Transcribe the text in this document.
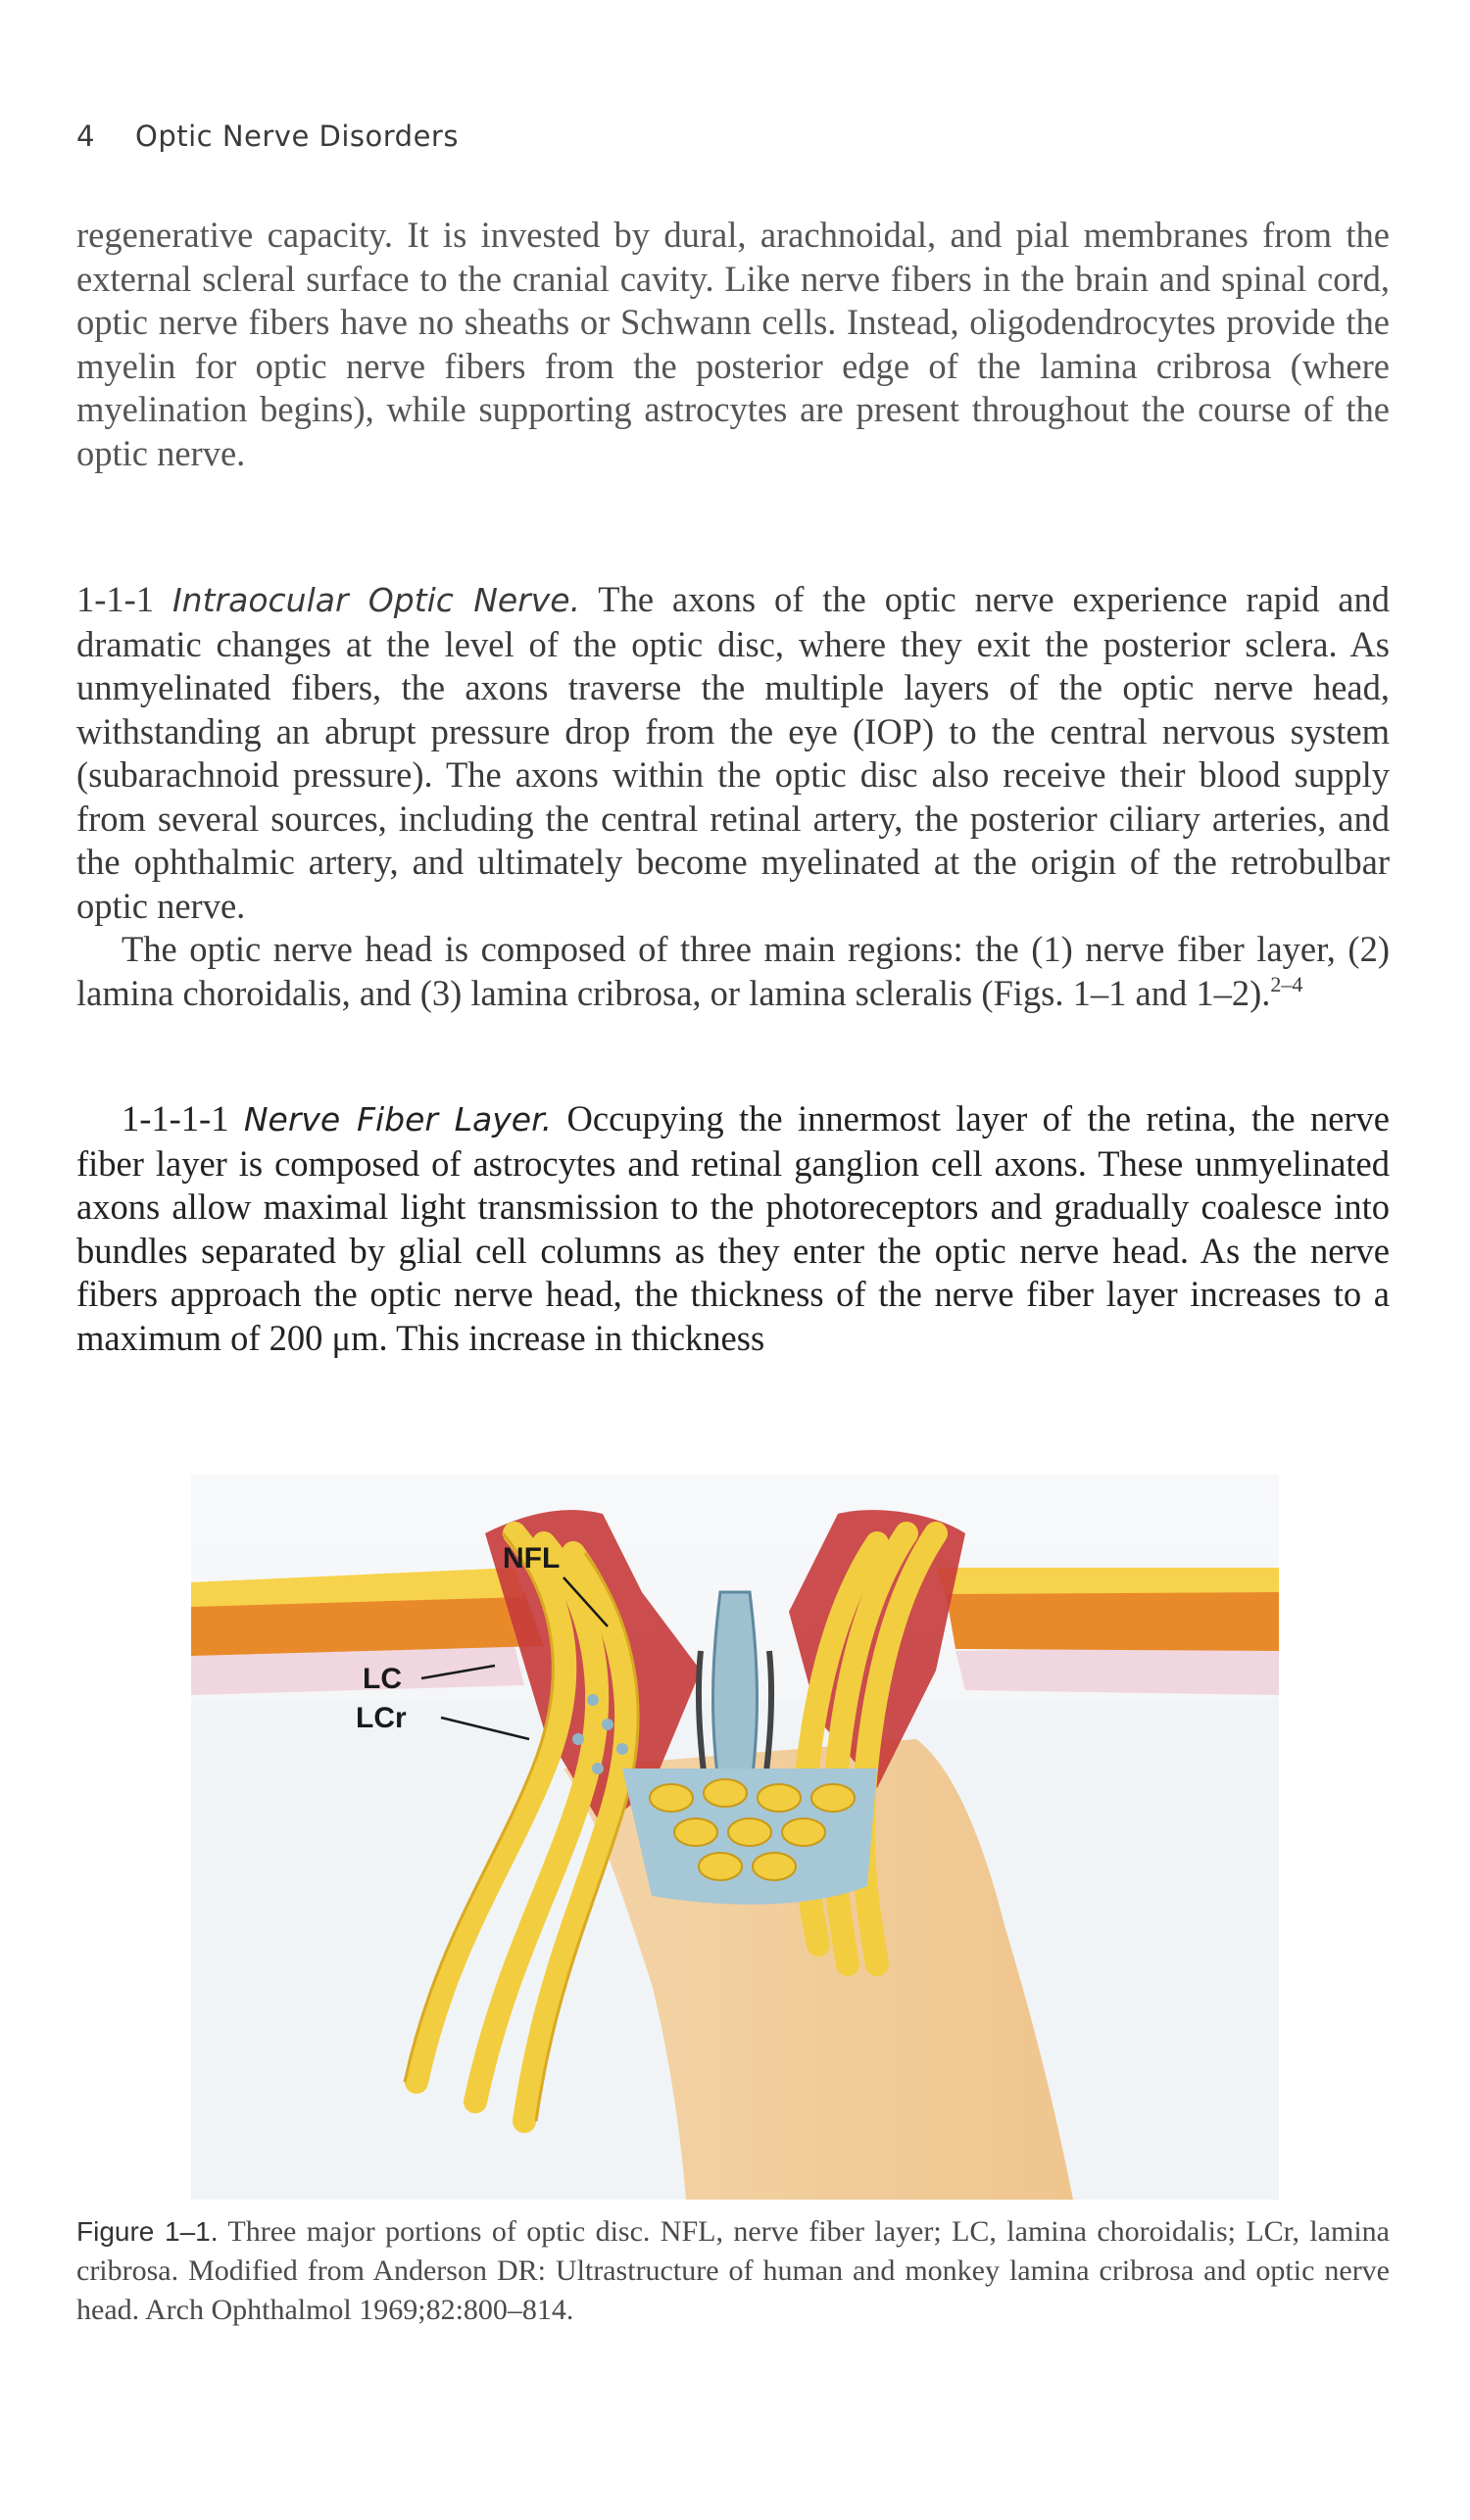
4 Optic Nerve Disorders

regenerative capacity. It is invested by dural, arachnoidal, and pial membranes from the external scleral surface to the cranial cavity. Like nerve fibers in the brain and spinal cord, optic nerve fibers have no sheaths or Schwann cells. Instead, oligodendrocytes provide the myelin for optic nerve fibers from the posterior edge of the lamina cribrosa (where myelination begins), while supporting astrocytes are present throughout the course of the optic nerve.

1-1-1 Intraocular Optic Nerve. The axons of the optic nerve experience rapid and dramatic changes at the level of the optic disc, where they exit the posterior sclera. As unmyelinated fibers, the axons traverse the multiple layers of the optic nerve head, withstanding an abrupt pressure drop from the eye (IOP) to the central nervous system (subarachnoid pressure). The axons within the optic disc also receive their blood supply from several sources, including the central retinal artery, the posterior ciliary arteries, and the ophthalmic artery, and ultimately become myelinated at the origin of the retrobulbar optic nerve.

The optic nerve head is composed of three main regions: the (1) nerve fiber layer, (2) lamina choroidalis, and (3) lamina cribrosa, or lamina scleralis (Figs. 1–1 and 1–2).$^{2-4}$

1-1-1-1 Nerve Fiber Layer. Occupying the innermost layer of the retina, the nerve fiber layer is composed of astrocytes and retinal ganglion cell axons. These unmyelinated axons allow maximal light transmission to the photoreceptors and gradually coalesce into bundles separated by glial cell columns as they enter the optic nerve head. As the nerve fibers approach the optic nerve head, the thickness of the nerve fiber layer increases to a maximum of 200 μm. This increase in thickness

NFL
LC
LCr
Figure 1–1. Three major portions of optic disc. NFL, nerve fiber layer; LC, lamina choroidalis; LCr, lamina cribrosa. Modified from Anderson DR: Ultrastructure of human and monkey lamina cribrosa and optic nerve head. Arch Ophthalmol 1969;82:800–814.
